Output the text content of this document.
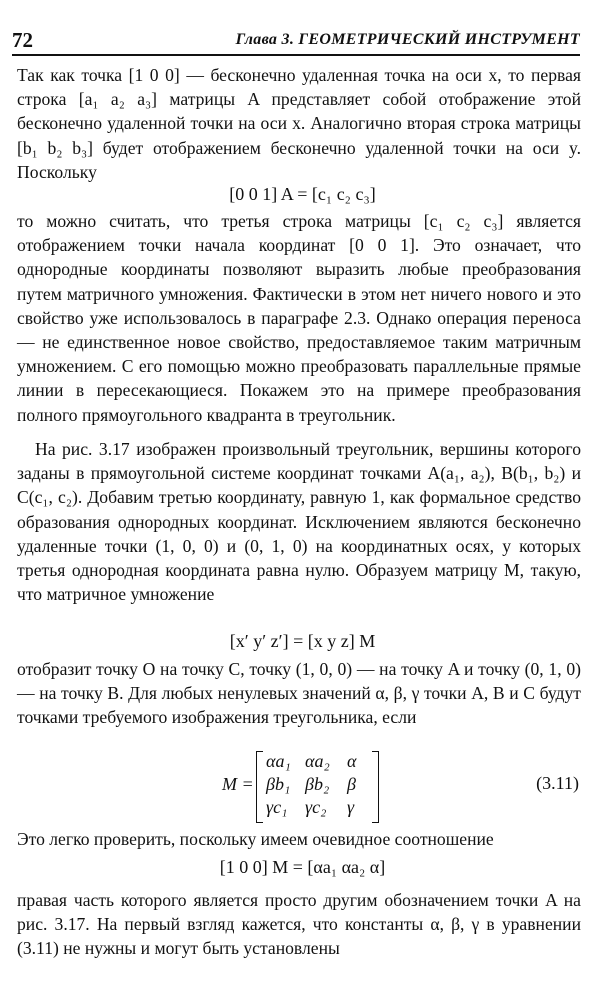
72	Глава 3. ГЕОМЕТРИЧЕСКИЙ ИНСТРУМЕНТ
Так как точка [1 0 0] — бесконечно удаленная точка на оси x, то первая строка [a₁ a₂ a₃] матрицы A представляет собой отображение этой бесконечно удаленной точки на оси x. Аналогично вторая строка матрицы [b₁ b₂ b₃] будет отображением бесконечно удаленной точки на оси y. Поскольку
[0 0 1] A = [c₁ c₂ c₃]
то можно считать, что третья строка матрицы [c₁ c₂ c₃] является отображением точки начала координат [0 0 1]. Это означает, что однородные координаты позволяют выразить любые преобразования путем матричного умножения. Фактически в этом нет ничего нового и это свойство уже использовалось в параграфе 2.3. Однако операция переноса — не единственное новое свойство, предоставляемое таким матричным умножением. С его помощью можно преобразовать параллельные прямые линии в пересекающиеся. Покажем это на примере преобразования полного прямоугольного квадранта в треугольник.
На рис. 3.17 изображен произвольный треугольник, вершины которого заданы в прямоугольной системе координат точками A(a₁, a₂), B(b₁, b₂) и C(c₁, c₂). Добавим третью координату, равную 1, как формальное средство образования однородных координат. Исключением являются бесконечно удаленные точки (1, 0, 0) и (0, 1, 0) на координатных осях, у которых третья однородная координата равна нулю. Образуем матрицу M, такую, что матричное умножение
[x′ y′ z′] = [x y z] M
отобразит точку O на точку C, точку (1, 0, 0) — на точку A и точку (0, 1, 0) — на точку B. Для любых ненулевых значений α, β, γ точки A, B и C будут точками требуемого изображения треугольника, если
M =
αa₁ αa₂ α
βb₁ βb₂ β
γc₁ γc₂	γ
(3.11)
Это легко проверить, поскольку имеем очевидное соотношение
[1 0 0] M = [αa₁ αa₂ α]
правая часть которого является просто другим обозначением точки A на рис. 3.17. На первый взгляд кажется, что константы α, β, γ в уравнении (3.11) не нужны и могут быть установлены
